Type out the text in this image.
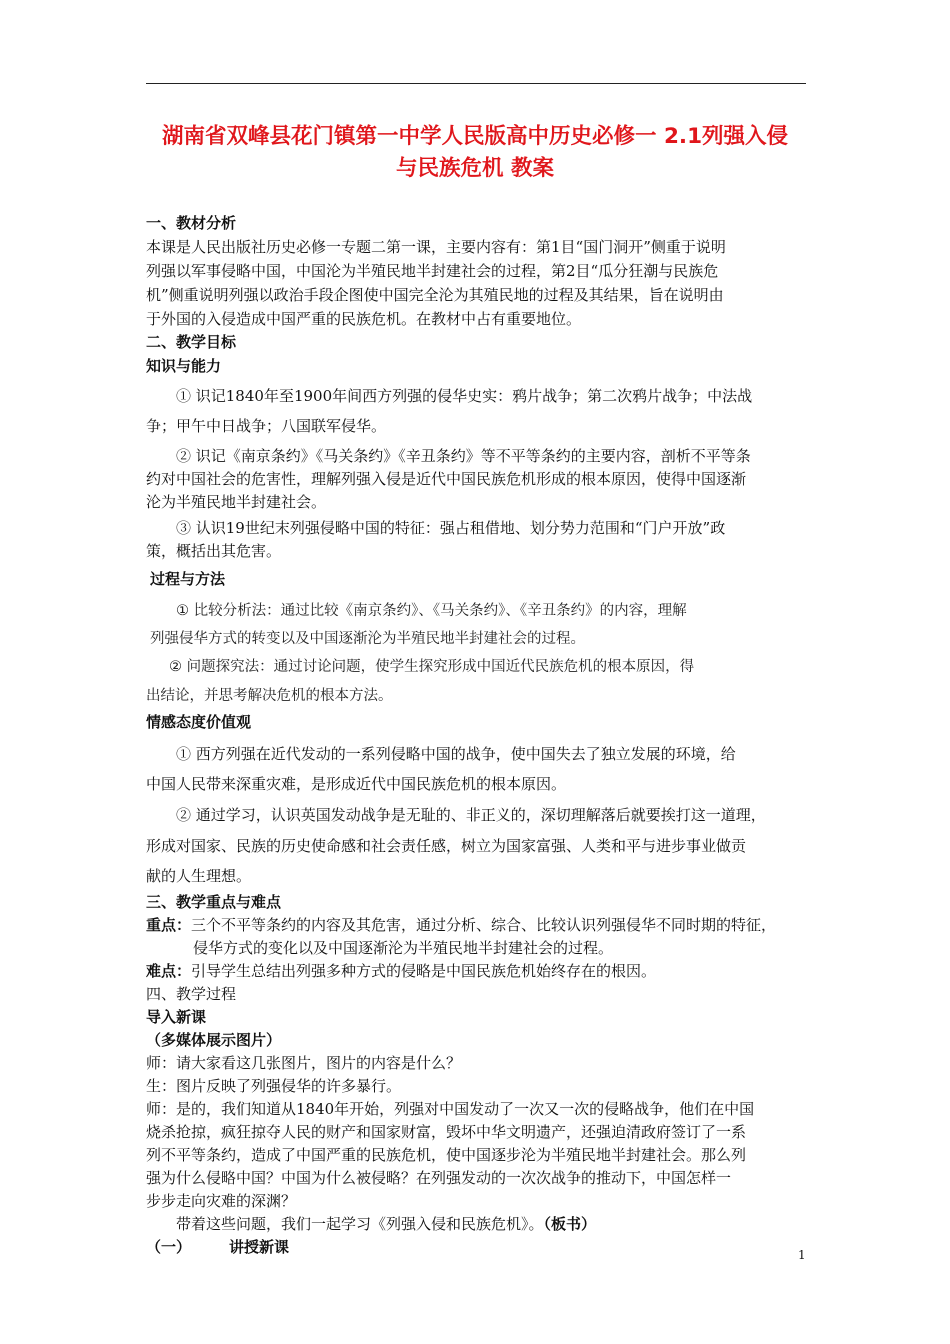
湖南省双峰县花门镇第一中学人民版高中历史必修一 2.1列强入侵
与民族危机 教案
一、教材分析
本课是人民出版社历史必修一专题二第一课，主要内容有：第1目“国门洞开”侧重于说明
列强以军事侵略中国，中国沦为半殖民地半封建社会的过程，第2目“瓜分狂潮与民族危
机”侧重说明列强以政治手段企图使中国完全沦为其殖民地的过程及其结果，旨在说明由
于外国的入侵造成中国严重的民族危机。在教材中占有重要地位。
二、教学目标
知识与能力
① 识记1840年至1900年间西方列强的侵华史实：鸦片战争；第二次鸦片战争；中法战
争；甲午中日战争；八国联军侵华。
② 识记《南京条约》《马关条约》《辛丑条约》等不平等条约的主要内容，剖析不平等条
约对中国社会的危害性，理解列强入侵是近代中国民族危机形成的根本原因，使得中国逐渐
沦为半殖民地半封建社会。
③ 认识19世纪末列强侵略中国的特征：强占租借地、划分势力范围和“门户开放”政
策，概括出其危害。
过程与方法
① 比较分析法：通过比较《南京条约》、《马关条约》、《辛丑条约》的内容，理解
列强侵华方式的转变以及中国逐渐沦为半殖民地半封建社会的过程。
② 问题探究法：通过讨论问题，使学生探究形成中国近代民族危机的根本原因，得
出结论，并思考解决危机的根本方法。
情感态度价值观
① 西方列强在近代发动的一系列侵略中国的战争，使中国失去了独立发展的环境，给
中国人民带来深重灾难，是形成近代中国民族危机的根本原因。
② 通过学习，认识英国发动战争是无耻的、非正义的，深切理解落后就要挨打这一道理，
形成对国家、民族的历史使命感和社会责任感，树立为国家富强、人类和平与进步事业做贡
献的人生理想。
三、教学重点与难点
重点：三个不平等条约的内容及其危害，通过分析、综合、比较认识列强侵华不同时期的特征，
侵华方式的变化以及中国逐渐沦为半殖民地半封建社会的过程。
难点：引导学生总结出列强多种方式的侵略是中国民族危机始终存在的根因。
四、教学过程
导入新课
（多媒体展示图片）
师：请大家看这几张图片，图片的内容是什么？
生：图片反映了列强侵华的许多暴行。
师：是的，我们知道从1840年开始，列强对中国发动了一次又一次的侵略战争，他们在中国
烧杀抢掠，疯狂掠夺人民的财产和国家财富，毁坏中华文明遗产，还强迫清政府签订了一系
列不平等条约，造成了中国严重的民族危机，使中国逐步沦为半殖民地半封建社会。那么列
强为什么侵略中国？中国为什么被侵略？在列强发动的一次次战争的推动下，中国怎样一
步步走向灾难的深渊？
带着这些问题，我们一起学习《列强入侵和民族危机》。（板书）
（一）	讲授新课	1
